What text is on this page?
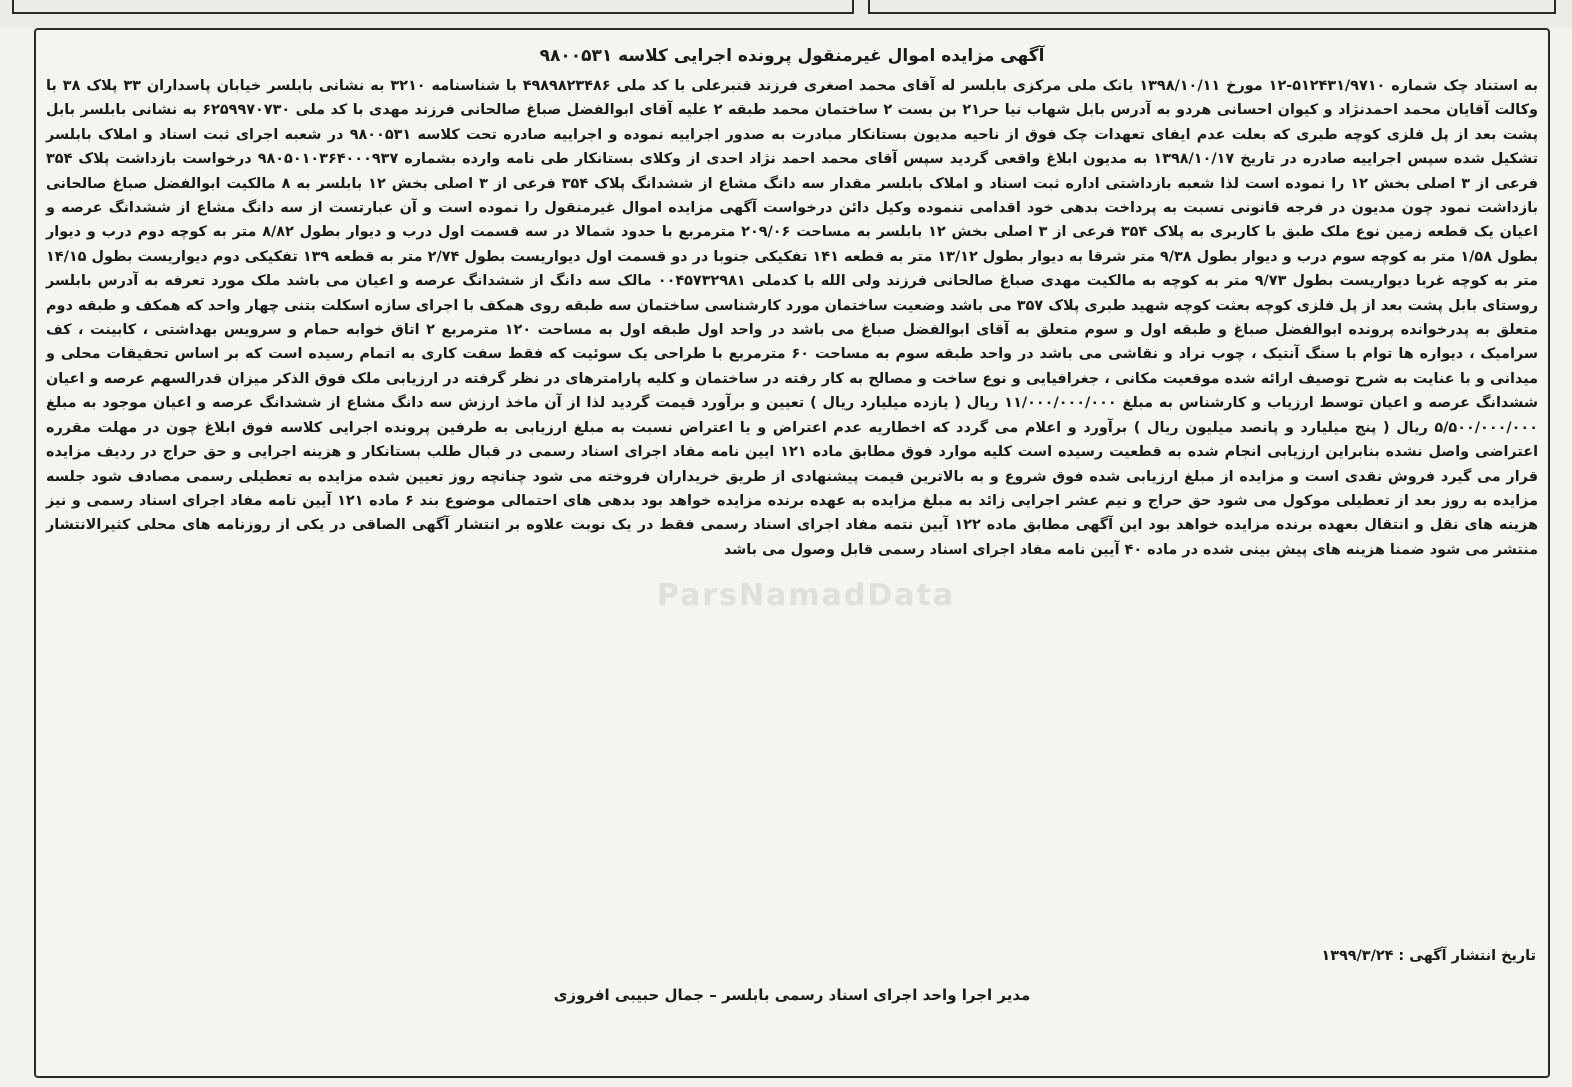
آگهی مزایده اموال غیرمنقول پرونده اجرایی کلاسه ۹۸۰۰۵۳۱

به استناد چک شماره ۵۱۲۴۳۱/۹۷۱۰-۱۲ مورخ ۱۳۹۸/۱۰/۱۱ بانک ملی مرکزی بابلسر له آقای محمد اصغری فرزند قنبرعلی با کد ملی ۴۹۸۹۸۲۳۴۸۶ با شناسنامه ۳۲۱۰ به نشانی بابلسر خیابان پاسداران ۳۳ پلاک ۳۸ با وکالت آقایان محمد احمدنژاد و کیوان احسانی هردو به آدرس بابل شهاب نیا حر۲۱ بن بست ۲ ساختمان محمد طبقه ۲ علیه آقای ابوالفضل صباغ صالحانی فرزند مهدی با کد ملی ۶۲۵۹۹۷۰۷۳۰ به نشانی بابلسر بابل پشت بعد از پل فلزی کوچه طبری که بعلت عدم ایفای تعهدات چک فوق از ناحیه مدیون بستانکار مبادرت به صدور اجراییه نموده و اجراییه صادره تحت کلاسه ۹۸۰۰۵۳۱ در شعبه اجرای ثبت اسناد و املاک بابلسر تشکیل شده سپس اجراییه صادره در تاریخ ۱۳۹۸/۱۰/۱۷ به مدیون ابلاغ واقعی گردید سپس آقای محمد احمد نژاد احدی از وکلای بستانکار طی نامه وارده بشماره ۹۸۰۵۰۱۰۳۶۴۰۰۰۹۳۷ درخواست بازداشت پلاک ۳۵۴ فرعی از ۳ اصلی بخش ۱۲ را نموده است لذا شعبه بازداشتی اداره ثبت اسناد و املاک بابلسر مقدار سه دانگ مشاع از ششدانگ پلاک ۳۵۴ فرعی از ۳ اصلی بخش ۱۲ بابلسر به ۸ مالکیت ابوالفضل صباغ صالحانی بازداشت نمود چون مدیون در فرجه قانونی نسبت به پرداخت بدهی خود اقدامی ننموده وکیل دائن درخواست آگهی مزایده اموال غیرمنقول را نموده است و آن عبارتست از سه دانگ مشاع از ششدانگ عرصه و اعیان یک قطعه زمین نوع ملک طبق با کاربری به پلاک ۳۵۴ فرعی از ۳ اصلی بخش ۱۲ بابلسر به مساحت ۲۰۹/۰۶ مترمربع با حدود شمالا در سه قسمت اول درب و دیوار بطول ۸/۸۲ متر به کوچه دوم درب و دیوار بطول ۱/۵۸ متر به کوچه سوم درب و دیوار بطول ۹/۳۸ متر شرقا به دیوار بطول ۱۳/۱۲ متر به قطعه ۱۴۱ تفکیکی جنوبا در دو قسمت اول دیواریست بطول ۲/۷۴ متر به قطعه ۱۳۹ تفکیکی دوم دیواریست بطول ۱۴/۱۵ متر به کوچه غربا دیواریست بطول ۹/۷۳ متر به کوچه به مالکیت مهدی صباغ صالحانی فرزند ولی الله با کدملی ۰۰۴۵۷۳۲۹۸۱ مالک سه دانگ از ششدانگ عرصه و اعیان می باشد ملک مورد تعرفه به آدرس بابلسر روستای بابل پشت بعد از پل فلزی کوچه بعثت کوچه شهید طبری پلاک ۳۵۷ می باشد وضعیت ساختمان مورد کارشناسی ساختمان سه طبقه روی همکف با اجرای سازه اسکلت بتنی چهار واحد که همکف و طبقه دوم متعلق به پدرخوانده پرونده ابوالفضل صباغ و طبقه اول و سوم متعلق به آقای ابوالفضل صباغ می باشد در واحد اول طبقه اول به مساحت ۱۲۰ مترمربع ۲ اتاق خوابه حمام و سرویس بهداشتی ، کابینت ، کف سرامیک ، دیواره ها توام با سنگ آنتیک ، چوب نراد و نقاشی می باشد در واحد طبقه سوم به مساحت ۶۰ مترمربع با طراحی یک سوئیت که فقط سفت کاری به اتمام رسیده است که بر اساس تحقیقات محلی و میدانی و با عنایت به شرح توصیف ارائه شده موقعیت مکانی ، جغرافیایی و نوع ساخت و مصالح به کار رفته در ساختمان و کلیه پارامترهای در نظر گرفته در ارزیابی ملک فوق الذکر میزان قدرالسهم عرصه و اعیان ششدانگ عرصه و اعیان توسط ارزیاب و کارشناس به مبلغ ۱۱/۰۰۰/۰۰۰/۰۰۰ ریال ( یازده میلیارد ریال ) تعیین و برآورد قیمت گردید لذا از آن ماخذ ارزش سه دانگ مشاع از ششدانگ عرصه و اعیان موجود به مبلغ ۵/۵۰۰/۰۰۰/۰۰۰ ریال ( پنج میلیارد و پانصد میلیون ریال ) برآورد و اعلام می گردد که اخطاریه عدم اعتراض و یا اعتراض نسبت به مبلغ ارزیابی به طرفین پرونده اجرایی کلاسه فوق ابلاغ چون در مهلت مقرره اعتراضی واصل نشده بنابراین ارزیابی انجام شده به قطعیت رسیده است کلیه موارد فوق مطابق ماده ۱۲۱ ایین نامه مفاد اجرای اسناد رسمی در قبال طلب بستانکار و هزینه اجرایی و حق حراج در ردیف مزایده قرار می گیرد فروش نقدی است و مزایده از مبلغ ارزیابی شده فوق شروع و به بالاترین قیمت پیشنهادی از طریق خریداران فروخته می شود چنانچه روز تعیین شده مزایده به تعطیلی رسمی مصادف شود جلسه مزایده به روز بعد از تعطیلی موکول می شود حق حراج و نیم عشر اجرایی زائد به مبلغ مزایده به عهده برنده مزایده خواهد بود بدهی های احتمالی موضوع بند ۶ ماده ۱۲۱ آیین نامه مفاد اجرای اسناد رسمی و نیز هزینه های نقل و انتقال بعهده برنده مزایده خواهد بود این آگهی مطابق ماده ۱۲۲ آیین نتمه مفاد اجرای اسناد رسمی فقط در یک نوبت علاوه بر انتشار آگهی الصاقی در یکی از روزنامه های محلی کثیرالانتشار منتشر می شود ضمنا هزینه های پیش بینی شده در ماده ۴۰ آیین نامه مفاد اجرای اسناد رسمی قابل وصول می باشد

ParsNamadData
تاریخ انتشار آگهی : ۱۳۹۹/۳/۲۴
مدیر اجرا واحد اجرای اسناد رسمی بابلسر – جمال حبیبی افروزی
